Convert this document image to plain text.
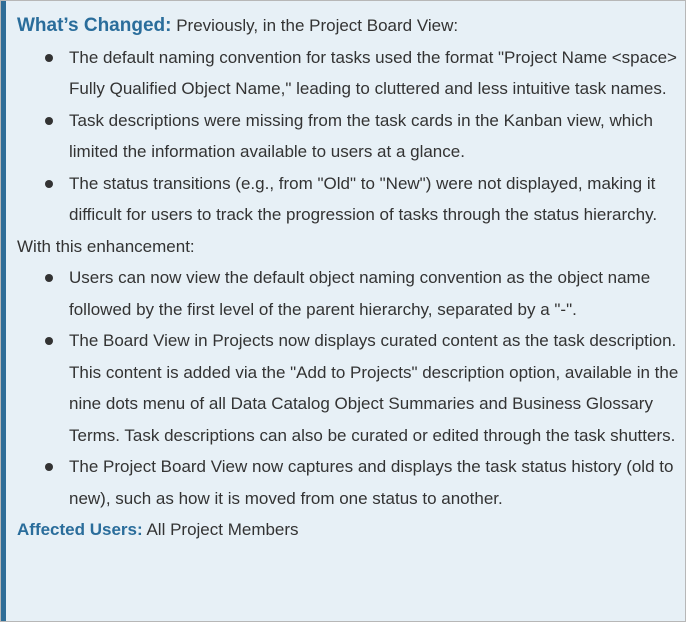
What’s Changed: Previously, in the Project Board View:

The default naming convention for tasks used the format "Project Name <space> Fully Qualified Object Name," leading to cluttered and less intuitive task names.
Task descriptions were missing from the task cards in the Kanban view, which limited the information available to users at a glance.
The status transitions (e.g., from "Old" to "New") were not displayed, making it difficult for users to track the progression of tasks through the status hierarchy.

With this enhancement:

Users can now view the default object naming convention as the object name followed by the first level of the parent hierarchy, separated by a "-".
The Board View in Projects now displays curated content as the task description. This content is added via the "Add to Projects" description option, available in the nine dots menu of all Data Catalog Object Summaries and Business Glossary Terms. Task descriptions can also be curated or edited through the task shutters.
The Project Board View now captures and displays the task status history (old to new), such as how it is moved from one status to another.

Affected Users: All Project Members
